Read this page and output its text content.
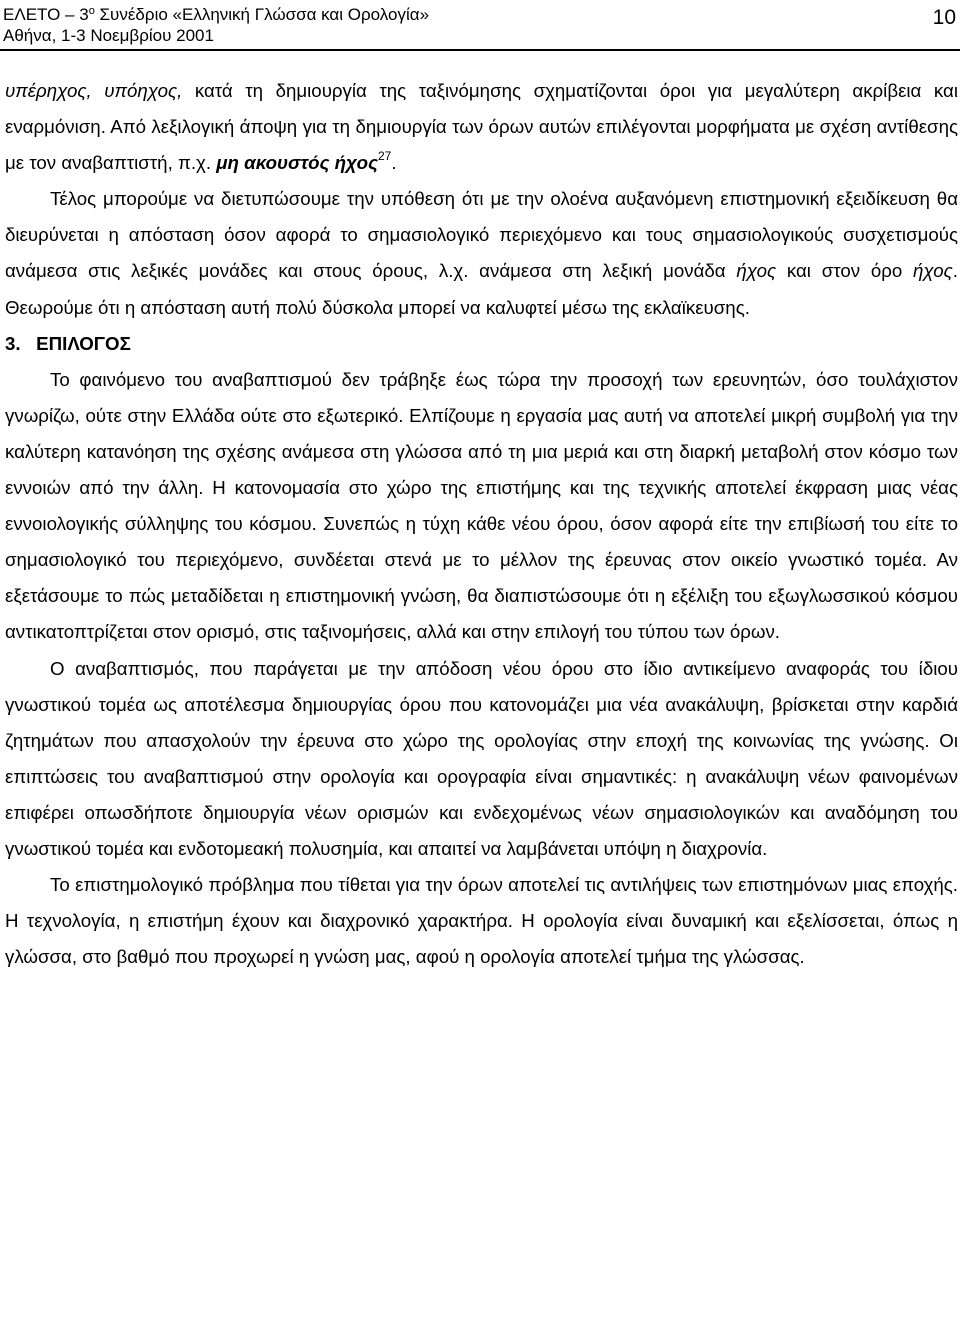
ΕΛΕΤΟ – $3^o$ Συνέδριο «Ελληνική Γλώσσα και Ορολογία»
Αθήνα, 1-3 Νοεμβρίου 2001
10

υπέρηχος, υπόηχος, κατά τη δημιουργία της ταξινόμησης σχηματίζονται όροι για μεγαλύτερη ακρίβεια και εναρμόνιση. Από λεξιλογική άποψη για τη δημιουργία των όρων αυτών επιλέγονται μορφήματα με σχέση αντίθεσης με τον αναβαπτιστή, π.χ. μη ακουστός ήχος$^{27}$.

Τέλος μπορούμε να διετυπώσουμε την υπόθεση ότι με την ολοένα αυξανόμενη επιστημονική εξειδίκευση θα διευρύνεται η απόσταση όσον αφορά το σημασιολογικό περιεχόμενο και τους σημασιολογικούς συσχετισμούς ανάμεσα στις λεξικές μονάδες και στους όρους, λ.χ. ανάμεσα στη λεξική μονάδα ήχος και στον όρο ήχος. Θεωρούμε ότι η απόσταση αυτή πολύ δύσκολα μπορεί να καλυφτεί μέσω της εκλαϊκευσης.

3.   ΕΠΙΛΟΓΟΣ

Το φαινόμενο του αναβαπτισμού δεν τράβηξε έως τώρα την προσοχή των ερευνητών, όσο τουλάχιστον γνωρίζω, ούτε στην Ελλάδα ούτε στο εξωτερικό. Ελπίζουμε η εργασία μας αυτή να αποτελεί μικρή συμβολή για την καλύτερη κατανόηση της σχέσης ανάμεσα στη γλώσσα από τη μια μεριά και στη διαρκή μεταβολή στον κόσμο των εννοιών από την άλλη. Η κατονομασία στο χώρο της επιστήμης και της τεχνικής αποτελεί έκφραση μιας νέας εννοιολογικής σύλληψης του κόσμου. Συνεπώς η τύχη κάθε νέου όρου, όσον αφορά είτε την επιβίωσή του είτε το σημασιολογικό του περιεχόμενο, συνδέεται στενά με το μέλλον της έρευνας στον οικείο γνωστικό τομέα. Αν εξετάσουμε το πώς μεταδίδεται η επιστημονική γνώση, θα διαπιστώσουμε ότι η εξέλιξη του εξωγλωσσικού κόσμου αντικατοπτρίζεται στον ορισμό, στις ταξινομήσεις, αλλά και στην επιλογή του τύπου των όρων.

Ο αναβαπτισμός, που παράγεται με την απόδοση νέου όρου στο ίδιο αντικείμενο αναφοράς του ίδιου γνωστικού τομέα ως αποτέλεσμα δημιουργίας όρου που κατονομάζει μια νέα ανακάλυψη, βρίσκεται στην καρδιά ζητημάτων που απασχολούν την έρευνα στο χώρο της ορολογίας στην εποχή της κοινωνίας της γνώσης. Οι επιπτώσεις του αναβαπτισμού στην ορολογία και ορογραφία είναι σημαντικές: η ανακάλυψη νέων φαινομένων επιφέρει οπωσδήποτε δημιουργία νέων ορισμών και ενδεχομένως νέων σημασιολογικών και αναδόμηση του γνωστικού τομέα και ενδοτομεακή πολυσημία, και απαιτεί να λαμβάνεται υπόψη η διαχρονία.

Το επιστημολογικό πρόβλημα που τίθεται για την όρων αποτελεί τις αντιλήψεις των επιστημόνων μιας εποχής. Η τεχνολογία, η επιστήμη έχουν και διαχρονικό χαρακτήρα. Η ορολογία είναι δυναμική και εξελίσσεται, όπως η γλώσσα, στο βαθμό που προχωρεί η γνώση μας, αφού η ορολογία αποτελεί τμήμα της γλώσσας.
